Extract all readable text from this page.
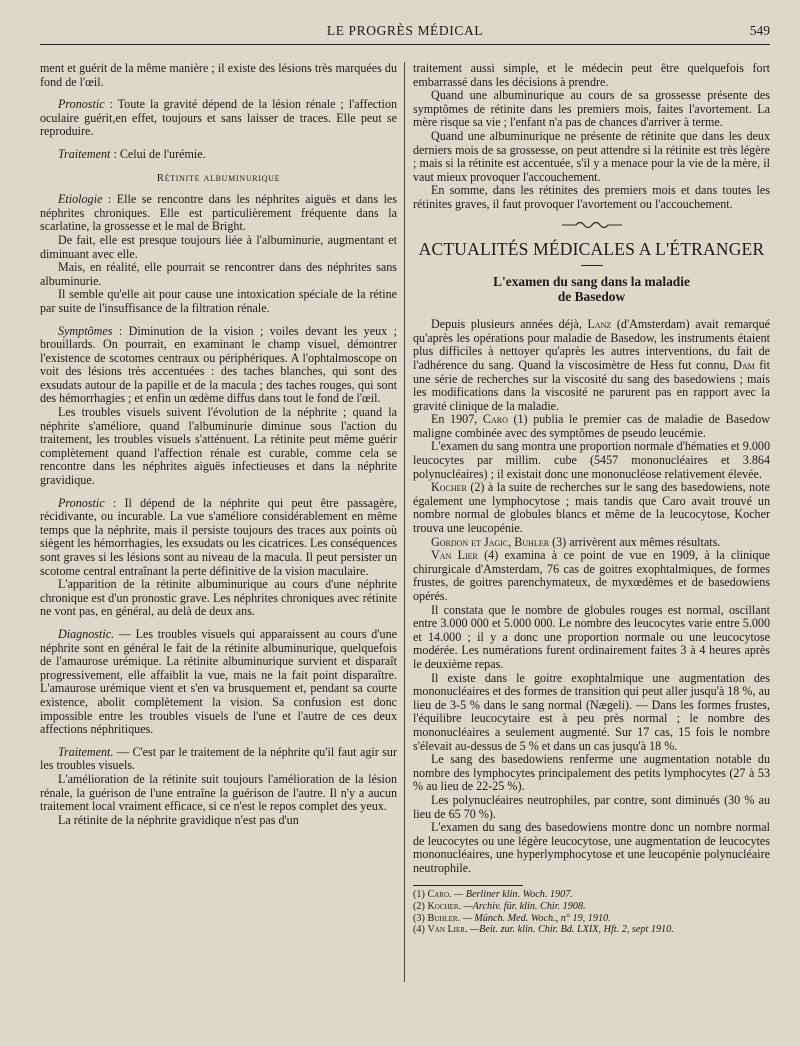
LE PROGRÈS MÉDICAL	549

ment et guérit de la même manière ; il existe des lésions très marquées du fond de l'œil.

Pronostic : Toute la gravité dépend de la lésion rénale ; l'affection oculaire guérit,en effet, toujours et sans laisser de traces. Elle peut se reproduire.

Traitement : Celui de l'urémie.

Rétinite albuminurique

Etiologie : Elle se rencontre dans les néphrites aiguës et dans les néphrites chroniques. Elle est particulièrement fréquente dans la scarlatine, la grossesse et le mal de Bright.

De fait, elle est presque toujours liée à l'albuminurie, augmentant et diminuant avec elle.

Mais, en réalité, elle pourrait se rencontrer dans des néphrites sans albuminurie.

Il semble qu'elle ait pour cause une intoxication spéciale de la rétine par suite de l'insuffisance de la filtration rénale.

Symptômes : Diminution de la vision ; voiles devant les yeux ; brouillards. On pourrait, en examinant le champ visuel, démontrer l'existence de scotomes centraux ou périphériques. A l'ophtalmoscope on voit des lésions très accentuées : des taches blanches, qui sont des exsudats autour de la papille et de la macula ; des taches rouges, qui sont des hémorrhagies ; et enfin un œdème diffus dans tout le fond de l'œil.

Les troubles visuels suivent l'évolution de la néphrite ; quand la néphrite s'améliore, quand l'albuminurie diminue sous l'action du traitement, les troubles visuels s'atténuent. La rétinite peut même guérir complètement quand l'affection rénale est curable, comme cela se rencontre dans les néphrites aiguës infectieuses et dans la néphrite gravidique.

Pronostic : Il dépend de la néphrite qui peut être passagère, récidivante, ou incurable. La vue s'améliore considérablement en même temps que la néphrite, mais il persiste toujours des traces aux points où siègent les hémorrhagies, les exsudats ou les cicatrices. Les conséquences sont graves si les lésions sont au niveau de la macula. Il peut persister un scotome central entraînant la perte définitive de la vision maculaire.

L'apparition de la rétinite albuminurique au cours d'une néphrite chronique est d'un pronostic grave. Les néphrites chroniques avec rétinite ne vont pas, en général, au delà de deux ans.

Diagnostic. — Les troubles visuels qui apparaissent au cours d'une néphrite sont en général le fait de la rétinite albuminurique, quelquefois de l'amaurose urémique. La rétinite albuminurique survient et disparaît progressivement, elle affaiblit la vue, mais ne la fait point disparaître. L'amaurose urémique vient et s'en va brusquement et, pendant sa courte existence, abolit complètement la vision. Sa confusion est donc impossible entre les troubles visuels de l'une et l'autre de ces deux affections néphritiques.

Traitement. — C'est par le traitement de la néphrite qu'il faut agir sur les troubles visuels.

L'amélioration de la rétinite suit toujours l'amélioration de la lésion rénale, la guérison de l'une entraîne la guérison de l'autre. Il n'y a aucun traitement local vraiment efficace, si ce n'est le repos complet des yeux.

La rétinite de la néphrite gravidique n'est pas d'un

traitement aussi simple, et le médecin peut être quelquefois fort embarrassé dans les décisions à prendre.

Quand une albuminurique au cours de sa grossesse présente des symptômes de rétinite dans les premiers mois, faites l'avortement. La mère risque sa vie ; l'enfant n'a pas de chances d'arriver à terme.

Quand une albuminurique ne présente de rétinite que dans les deux derniers mois de sa grossesse, on peut attendre si la rétinite est très légère ; mais si la rétinite est accentuée, s'il y a menace pour la vie de la mère, il vaut mieux provoquer l'accouchement.

En somme, dans les rétinites des premiers mois et dans toutes les rétinites graves, il faut provoquer l'avortement ou l'accouchement.

ACTUALITÉS MÉDICALES A L'ÉTRANGER
L'examen du sang dans la maladie
de Basedow

Depuis plusieurs années déjà, Lanz (d'Amsterdam) avait remarqué qu'après les opérations pour maladie de Basedow, les instruments étaient plus difficiles à nettoyer qu'après les autres interventions, du fait de l'adhérence du sang. Quand la viscosimètre de Hess fut connu, Dam fit une série de recherches sur la viscosité du sang des basedowiens ; mais les modifications dans la viscosité ne parurent pas en rapport avec la gravité clinique de la maladie.

En 1907, Caro (1) publia le premier cas de maladie de Basedow maligne combinée avec des symptômes de pseudo leucémie.

L'examen du sang montra une proportion normale d'hématies et 9.000 leucocytes par millim. cube (5457 mononucléaires et 3.864 polynucléaires) ; il existait donc une mononucléose relativement élevée.

Kocher (2) à la suite de recherches sur le sang des basedowiens, note également une lymphocytose ; mais tandis que Caro avait trouvé un nombre normal de globules blancs et même de la leucocytose, Kocher trouva une leucopénie.

Gordon et Jagic, Buhler (3) arrivèrent aux mêmes résultats.

Van Lier (4) examina à ce point de vue en 1909, à la clinique chirurgicale d'Amsterdam, 76 cas de goitres exophtalmiques, de formes frustes, de goitres parenchymateux, de myxœdèmes et de basedowiens opérés.

Il constata que le nombre de globules rouges est normal, oscillant entre 3.000 000 et 5.000 000. Le nombre des leucocytes varie entre 5.000 et 14.000 ; il y a donc une proportion normale ou une leucocytose modérée. Les numérations furent ordinairement faites 3 à 4 heures après le deuxième repas.

Il existe dans le goitre exophtalmique une augmentation des mononucléaires et des formes de transition qui peut aller jusqu'à 18 %, au lieu de 3-5 % dans le sang normal (Nægeli). — Dans les formes frustes, l'équilibre leucocytaire est à peu près normal ; le nombre des mononucléaires a seulement augmenté. Sur 17 cas, 15 fois le nombre s'élevait au-dessus de 5 % et dans un cas jusqu'à 18 %.

Le sang des basedowiens renferme une augmentation notable du nombre des lymphocytes principalement des petits lymphocytes (27 à 53 % au lieu de 22-25 %).

Les polynucléaires neutrophiles, par contre, sont diminués (30 % au lieu de 65 70 %).

L'examen du sang des basedowiens montre donc un nombre normal de leucocytes ou une légère leucocytose, une augmentation de leucocytes mononucléaires, une hyperlymphocytose et une leucopénie polynucléaire neutrophile.

(1) Caro. — Berliner klin. Woch. 1907.

(2) Kocher. —Archiv. für. klin. Chir. 1908.

(3) Buhler. — Münch. Med. Woch., n° 19, 1910.

(4) Van Lier. —Beit. zur. klin. Chir. Bd. LXIX, Hft. 2, sept 1910.
